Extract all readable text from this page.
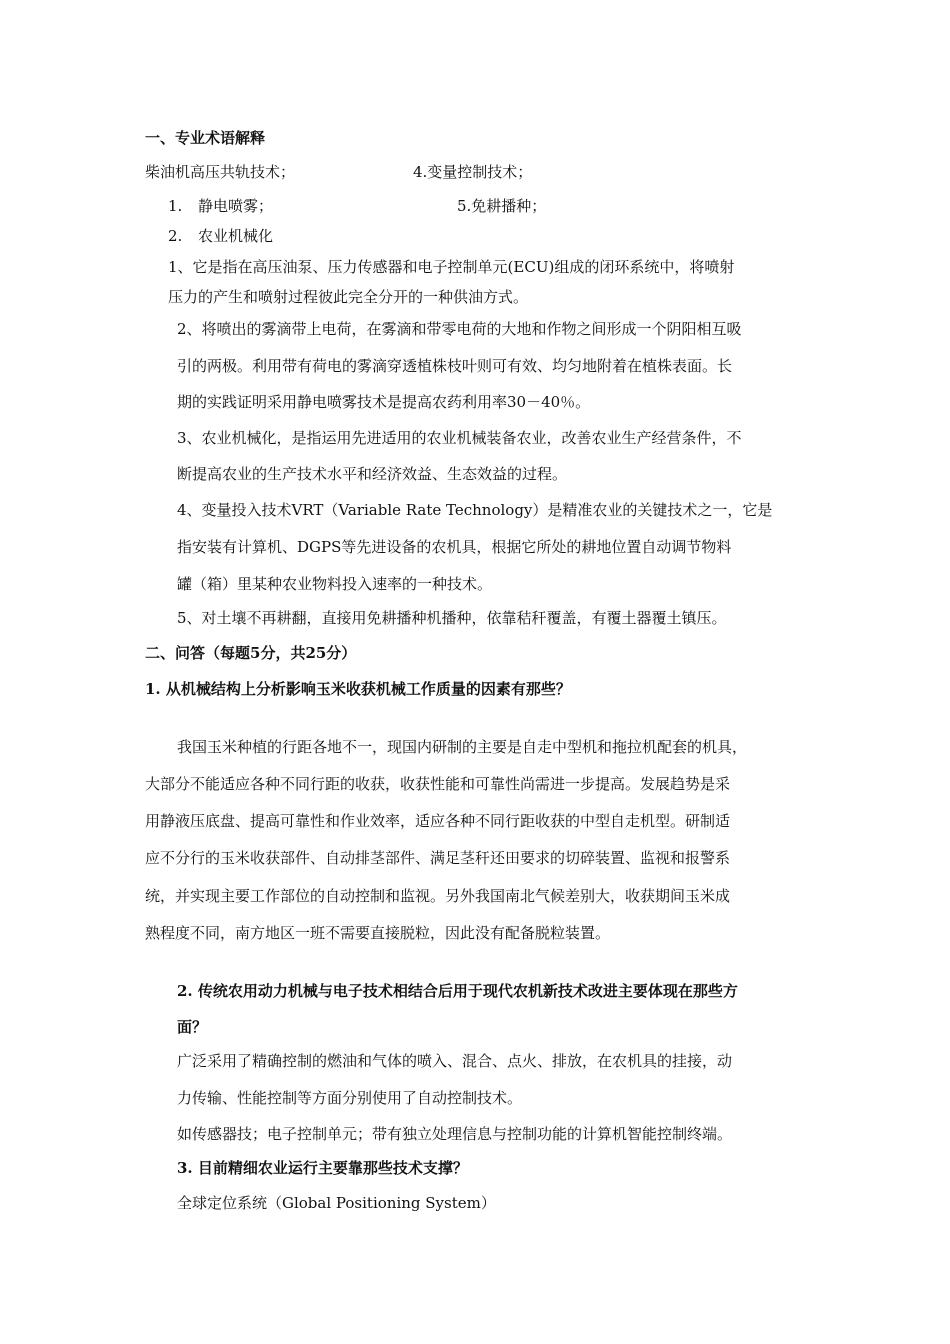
一、专业术语解释
柴油机高压共轨技术；	4.变量控制技术；
1. 静电喷雾；	5.免耕播种；
2. 农业机械化
1、它是指在高压油泵、压力传感器和电子控制单元(ECU)组成的闭环系统中，将喷射
压力的产生和喷射过程彼此完全分开的一种供油方式。
2、将喷出的雾滴带上电荷，在雾滴和带零电荷的大地和作物之间形成一个阴阳相互吸
引的两极。利用带有荷电的雾滴穿透植株枝叶则可有效、均匀地附着在植株表面。长
期的实践证明采用静电喷雾技术是提高农药利用率30－40％。
3、农业机械化，是指运用先进适用的农业机械装备农业，改善农业生产经营条件，不
断提高农业的生产技术水平和经济效益、生态效益的过程。
4、变量投入技术VRT（Variable Rate Technology）是精准农业的关键技术之一，它是
指安装有计算机、DGPS等先进设备的农机具，根据它所处的耕地位置自动调节物料
罐（箱）里某种农业物料投入速率的一种技术。
5、对土壤不再耕翻，直接用免耕播种机播种，依靠秸秆覆盖，有覆土器覆土镇压。
二、问答（每题5分，共25分）
1. 从机械结构上分析影响玉米收获机械工作质量的因素有那些？
我国玉米种植的行距各地不一，现国内研制的主要是自走中型机和拖拉机配套的机具，
大部分不能适应各种不同行距的收获，收获性能和可靠性尚需进一步提高。发展趋势是采
用静液压底盘、提高可靠性和作业效率，适应各种不同行距收获的中型自走机型。研制适
应不分行的玉米收获部件、自动排茎部件、满足茎秆还田要求的切碎装置、监视和报警系
统，并实现主要工作部位的自动控制和监视。另外我国南北气候差别大，收获期间玉米成
熟程度不同，南方地区一班不需要直接脱粒，因此没有配备脱粒装置。
2. 传统农用动力机械与电子技术相结合后用于现代农机新技术改进主要体现在那些方
面？
广泛采用了精确控制的燃油和气体的喷入、混合、点火、排放，在农机具的挂接，动
力传输、性能控制等方面分别使用了自动控制技术。
如传感器技；电子控制单元；带有独立处理信息与控制功能的计算机智能控制终端。
3. 目前精细农业运行主要靠那些技术支撑？
全球定位系统（Global Positioning System）
